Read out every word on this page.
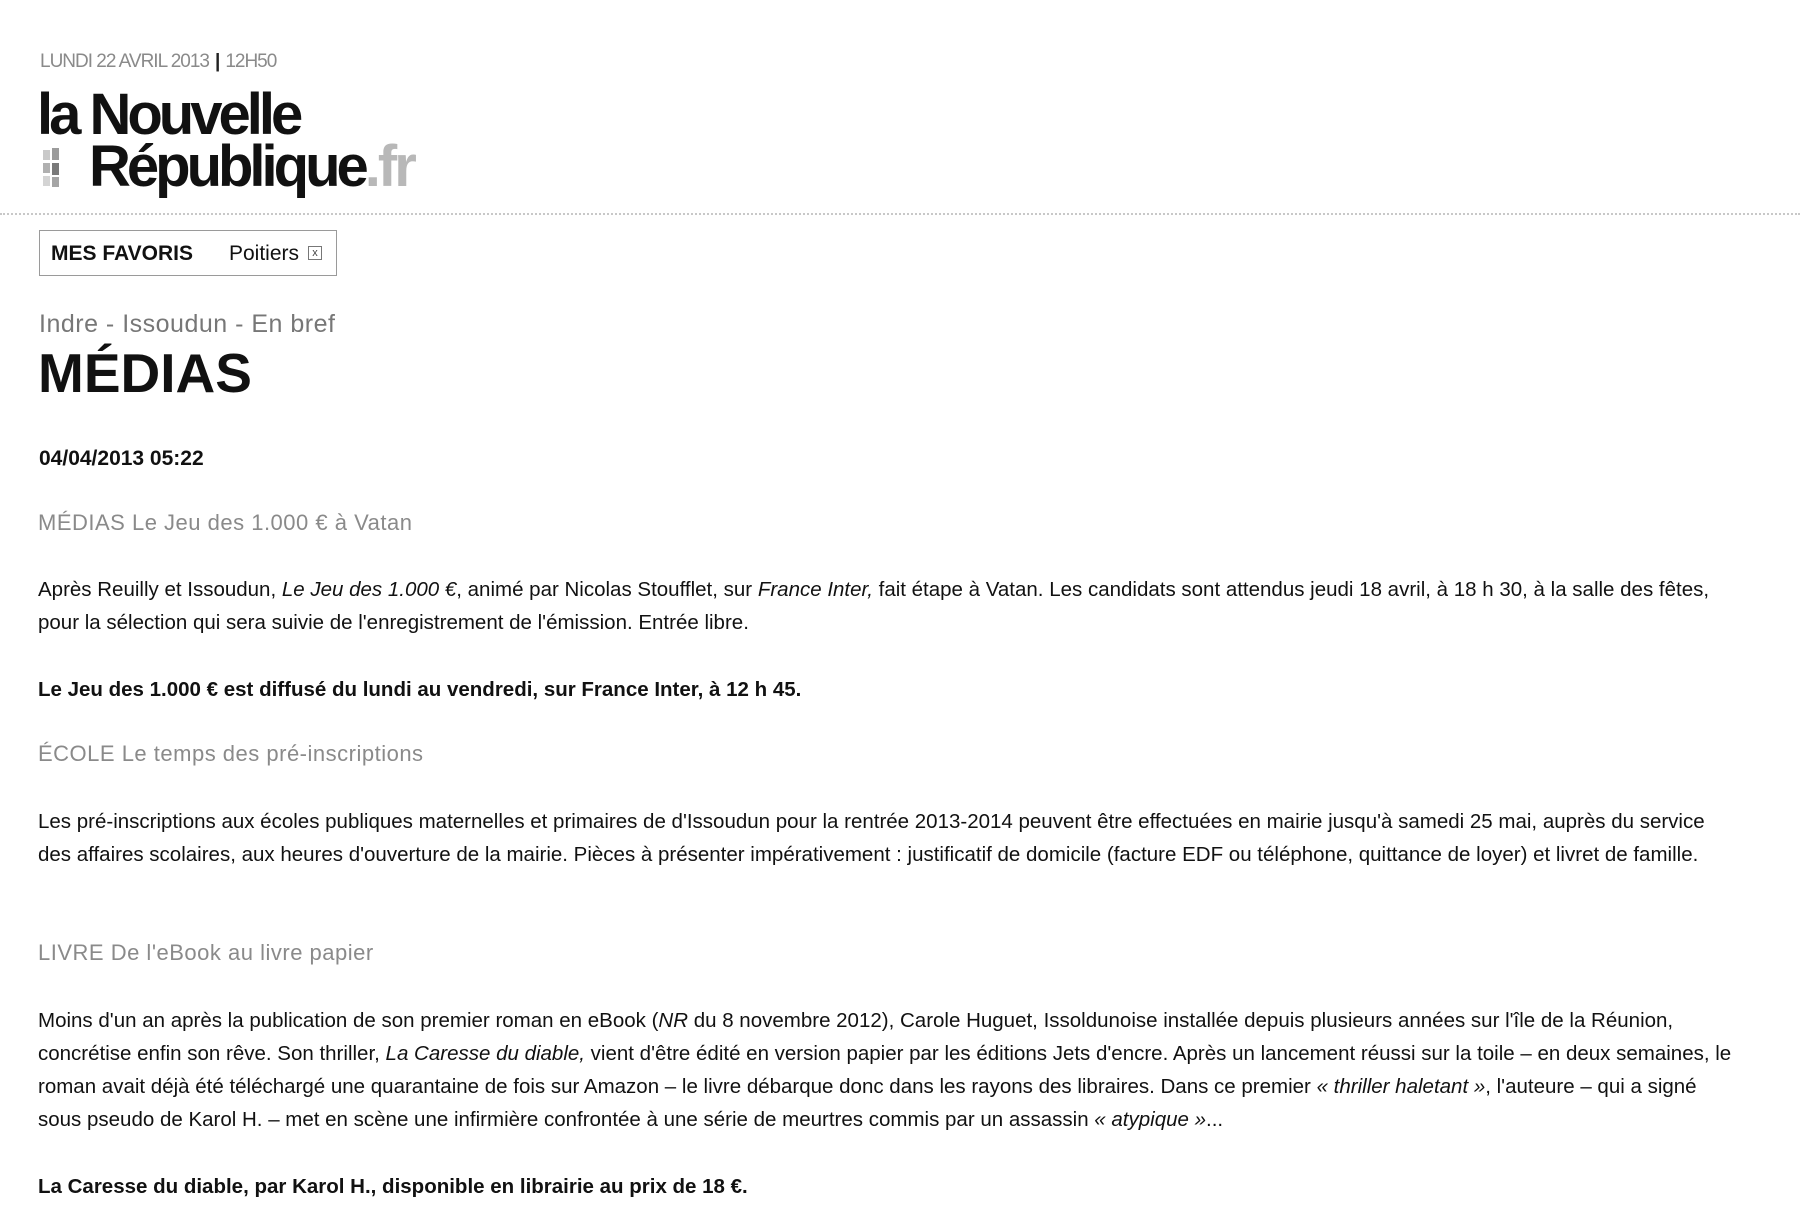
LUNDI 22 AVRIL 2013 | 12H50
la Nouvelle
République.fr
MES FAVORIS Poitiers	x
Indre - Issoudun - En bref
MÉDIAS
04/04/2013 05:22
MÉDIAS Le Jeu des 1.000 € à Vatan
Après Reuilly et Issoudun, Le Jeu des 1.000 €, animé par Nicolas Stoufflet, sur France Inter, fait étape à Vatan. Les candidats sont attendus jeudi 18 avril, à 18 h 30, à la salle des fêtes, pour la sélection qui sera suivie de l'enregistrement de l'émission. Entrée libre.
Le Jeu des 1.000 € est diffusé du lundi au vendredi, sur France Inter, à 12 h 45.
ÉCOLE Le temps des pré-inscriptions
Les pré-inscriptions aux écoles publiques maternelles et primaires de d'Issoudun pour la rentrée 2013-2014 peuvent être effectuées en mairie jusqu'à samedi 25 mai, auprès du service des affaires scolaires, aux heures d'ouverture de la mairie. Pièces à présenter impérativement : justificatif de domicile (facture EDF ou téléphone, quittance de loyer) et livret de famille.
LIVRE De l'eBook au livre papier
Moins d'un an après la publication de son premier roman en eBook (NR du 8 novembre 2012), Carole Huguet, Issoldunoise installée depuis plusieurs années sur l'île de la Réunion, concrétise enfin son rêve. Son thriller, La Caresse du diable, vient d'être édité en version papier par les éditions Jets d'encre. Après un lancement réussi sur la toile – en deux semaines, le roman avait déjà été téléchargé une quarantaine de fois sur Amazon – le livre débarque donc dans les rayons des libraires. Dans ce premier « thriller haletant », l'auteure – qui a signé sous pseudo de Karol H. – met en scène une infirmière confrontée à une série de meurtres commis par un assassin « atypique »...
La Caresse du diable, par Karol H., disponible en librairie au prix de 18 €.
